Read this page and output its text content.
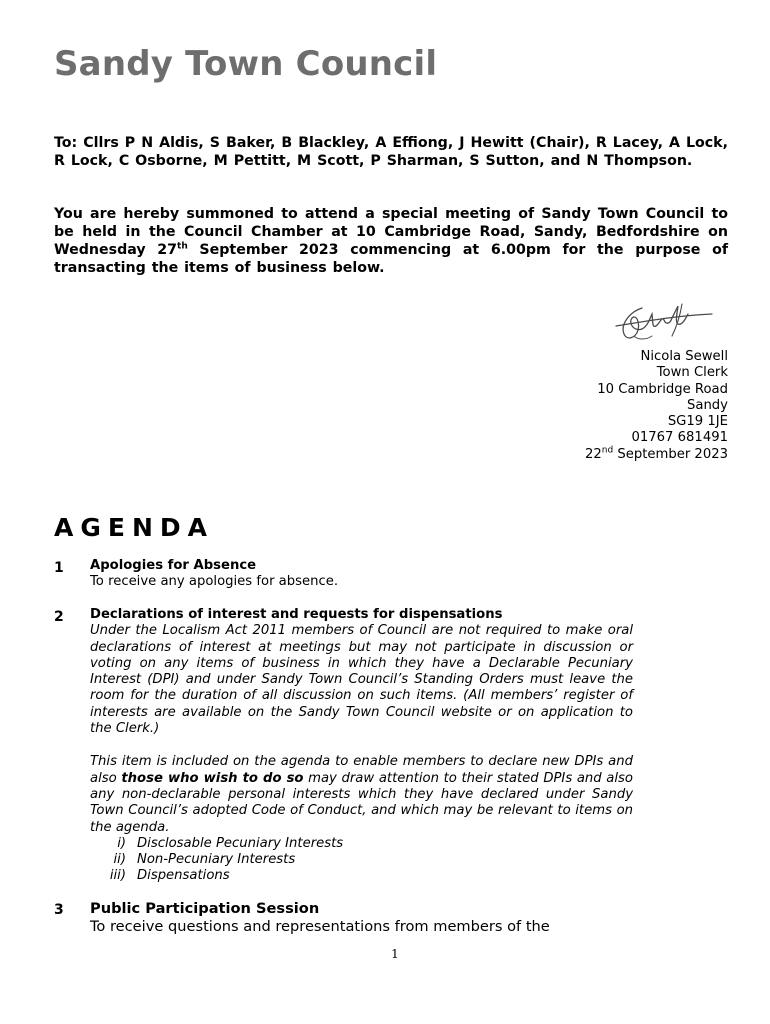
Sandy Town Council

To: Cllrs P N Aldis, S Baker, B Blackley, A Effiong, J Hewitt (Chair), R Lacey, A Lock, R Lock, C Osborne, M Pettitt, M Scott, P Sharman, S Sutton, and N Thompson.

You are hereby summoned to attend a special meeting of Sandy Town Council to be held in the Council Chamber at 10 Cambridge Road, Sandy, Bedfordshire on Wednesday 27th September 2023 commencing at 6.00pm for the purpose of transacting the items of business below.

Nicola Sewell
Town Clerk
10 Cambridge Road
Sandy
SG19 1JE
01767 681491
22nd September 2023
AGENDA
1 Apologies for Absence

To receive any apologies for absence.

2 Declarations of interest and requests for dispensations

Under the Localism Act 2011 members of Council are not required to make oral declarations of interest at meetings but may not participate in discussion or voting on any items of business in which they have a Declarable Pecuniary Interest (DPI) and under Sandy Town Council’s Standing Orders must leave the room for the duration of all discussion on such items. (All members’ register of interests are available on the Sandy Town Council website or on application to the Clerk.)

This item is included on the agenda to enable members to declare new DPIs and also those who wish to do so may draw attention to their stated DPIs and also any non-declarable personal interests which they have declared under Sandy Town Council’s adopted Code of Conduct, and which may be relevant to items on the agenda.

i) Disclosable Pecuniary Interests
ii) Non-Pecuniary Interests
iii) Dispensations
3 Public Participation Session

To receive questions and representations from members of the

1
